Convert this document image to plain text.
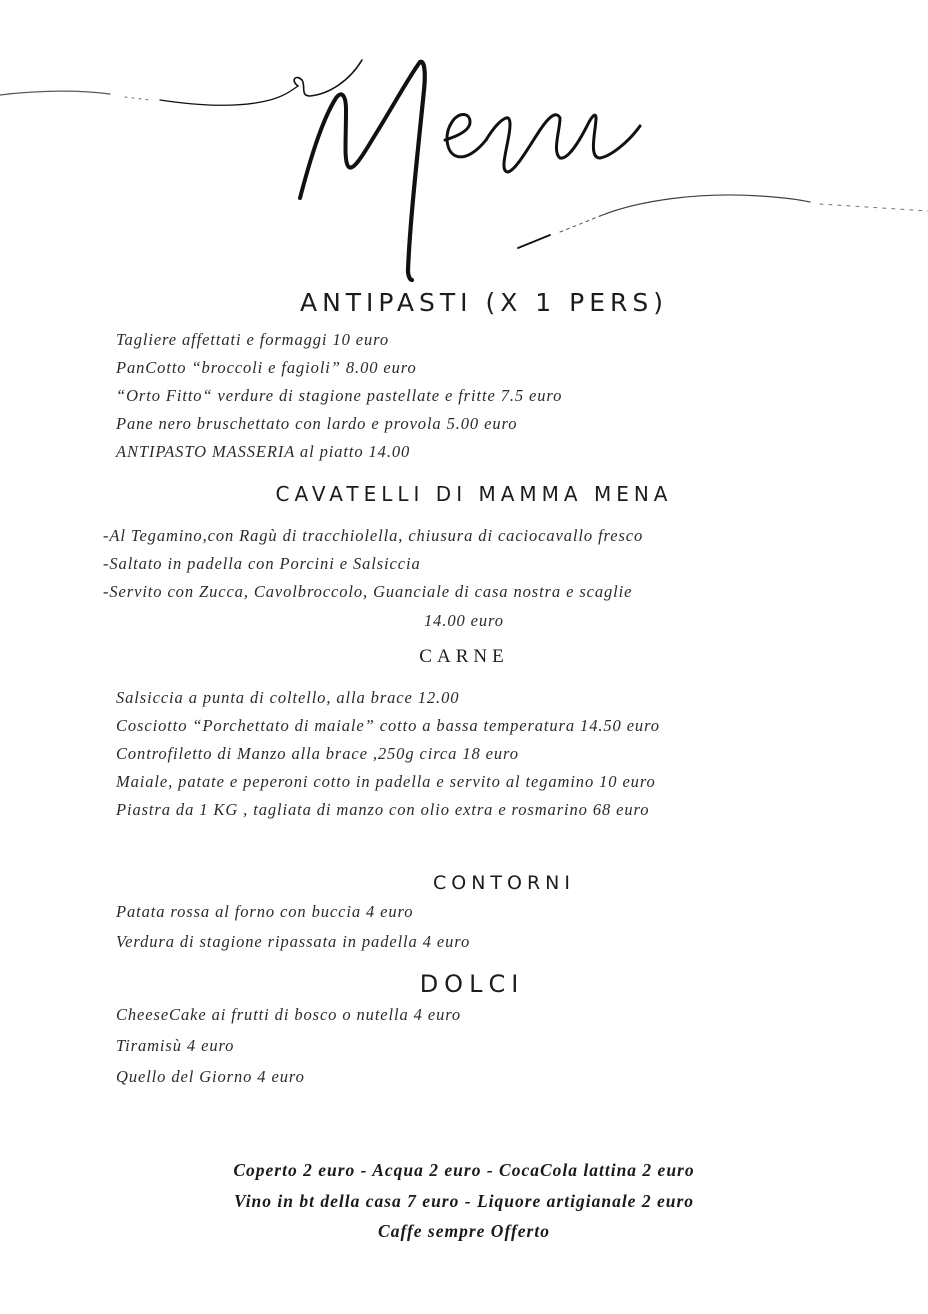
ANTIPASTI (X 1 PERS)

Tagliere affettati e formaggi 10 euro

PanCotto “broccoli e fagioli” 8.00 euro

“Orto Fitto“ verdure di stagione pastellate e fritte 7.5 euro

Pane nero bruschettato con lardo e provola 5.00 euro

ANTIPASTO MASSERIA al piatto 14.00

CAVATELLI DI MAMMA MENA

-Al Tegamino,con Ragù di tracchiolella, chiusura di caciocavallo fresco

-Saltato in padella con Porcini e Salsiccia

-Servito con Zucca, Cavolbroccolo, Guanciale di casa nostra e scaglie

14.00 euro

CARNE

Salsiccia a punta di coltello, alla brace 12.00

Cosciotto “Porchettato di maiale” cotto a bassa temperatura 14.50 euro

Controfiletto di Manzo alla brace ,250g circa 18 euro

Maiale, patate e peperoni cotto in padella e servito al tegamino 10 euro

Piastra da 1 KG , tagliata di manzo con olio extra e rosmarino 68 euro

CONTORNI

Patata rossa al forno con buccia 4 euro

Verdura di stagione ripassata in padella 4 euro

DOLCI

CheeseCake ai frutti di bosco o nutella 4 euro

Tiramisù 4 euro

Quello del Giorno 4 euro

Coperto 2 euro - Acqua 2 euro - CocaCola lattina 2 euro

Vino in bt della casa 7 euro - Liquore artigianale 2 euro

Caffe sempre Offerto
